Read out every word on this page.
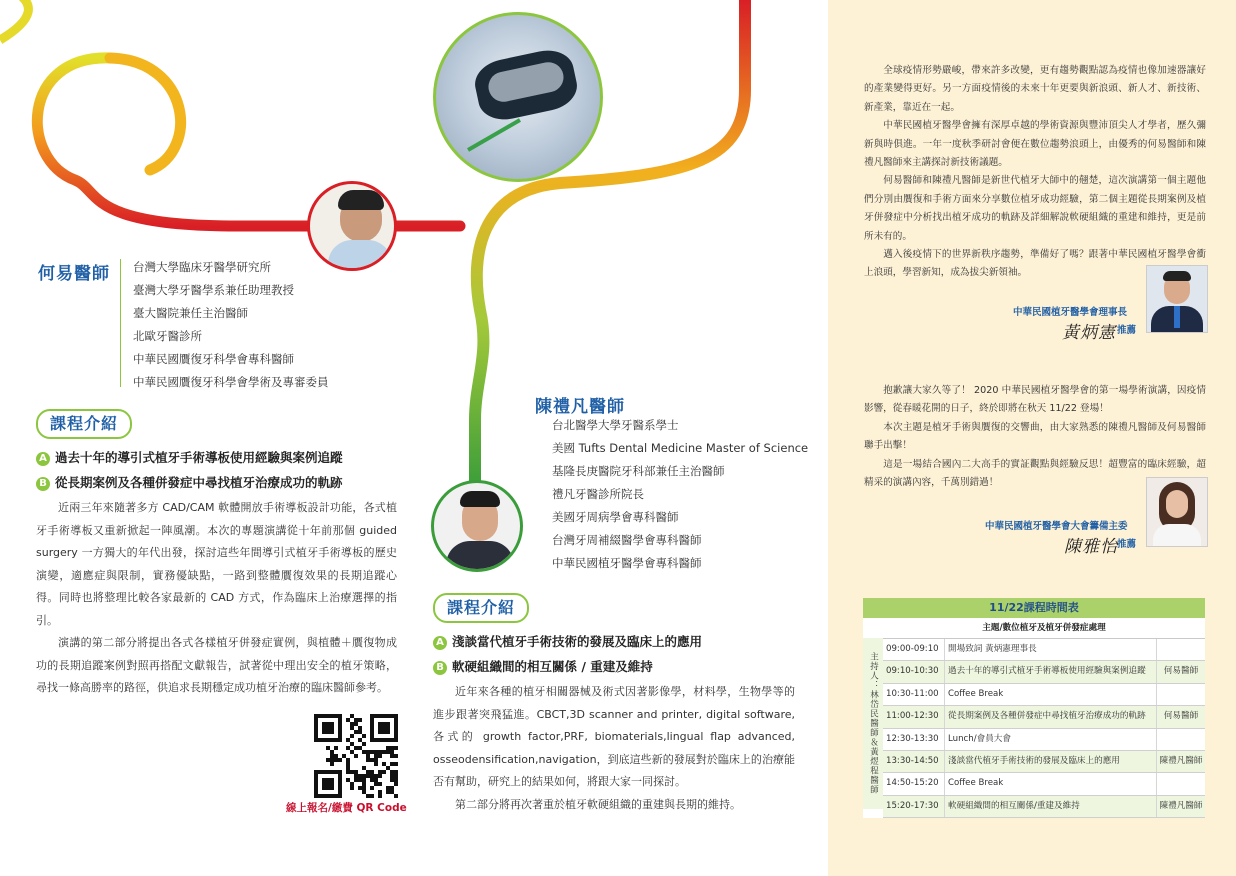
何易醫師 台灣大學臨床牙醫學研究所
臺灣大學牙醫學系兼任助理教授
臺大醫院兼任主治醫師
北歐牙醫診所
中華民國贋復牙科學會專科醫師
中華民國贋復牙科學會學術及專審委員
課程介紹
A 過去十年的導引式植牙手術導板使用經驗與案例追蹤
B 從長期案例及各種併發症中尋找植牙治療成功的軌跡

近兩三年來隨著多方 CAD/CAM 軟體開放手術導板設計功能，各式植牙手術導板又重新掀起一陣風潮。本次的專題演講從十年前那個 guided surgery 一方獨大的年代出發，探討這些年間導引式植牙手術導板的歷史演變，適應症與限制，實務優缺點，一路到整體贋復效果的長期追蹤心得。同時也將整理比較各家最新的 CAD 方式，作為臨床上治療選擇的指引。

演講的第二部分將提出各式各樣植牙併發症實例，與植體＋贋復物成功的長期追蹤案例對照再搭配文獻報告，試著從中理出安全的植牙策略，尋找一條高勝率的路徑，供追求長期穩定成功植牙治療的臨床醫師參考。

線上報名/繳費 QR Code
陳禮凡醫師
台北醫學大學牙醫系學士
美國 Tufts Dental Medicine Master of Science
基隆長庚醫院牙科部兼任主治醫師
禮凡牙醫診所院長
美國牙周病學會專科醫師
台灣牙周補綴醫學會專科醫師
中華民國植牙醫學會專科醫師
課程介紹
A 淺談當代植牙手術技術的發展及臨床上的應用
B 軟硬組織間的相互關係 / 重建及維持

近年來各種的植牙相關器械及術式因著影像學，材料學，生物學等的進步跟著突飛猛進。CBCT,3D scanner and printer, digital software, 各式的 growth factor,PRF, biomaterials,lingual flap advanced, osseodensification,navigation，到底這些新的發展對於臨床上的治療能否有幫助，研究上的結果如何，將跟大家一同探討。

第二部分將再次著重於植牙軟硬組織的重建與長期的維持。

全球疫情形勢嚴峻，帶來許多改變，更有趨勢觀點認為疫情也像加速器讓好的產業變得更好。另一方面疫情後的未來十年更要與新浪頭、新人才、新技術、新產業，靠近在一起。

中華民國植牙醫學會擁有深厚卓越的學術資源與豐沛頂尖人才學者，歷久彌新與時俱進。一年一度秋季研討會便在數位趨勢浪頭上，由優秀的何易醫師和陳禮凡醫師來主講探討新技術議題。

何易醫師和陳禮凡醫師是新世代植牙大師中的翹楚，這次演講第一個主題他們分別由贋復和手術方面來分享數位植牙成功經驗，第二個主題從長期案例及植牙併發症中分析找出植牙成功的軌跡及詳細解說軟硬組織的重建和維持，更是前所未有的。

邁入後疫情下的世界新秩序趨勢，準備好了嗎？跟著中華民國植牙醫學會衝上浪頭，學習新知，成為拔尖新領袖。

中華民國植牙醫學會理事長
黃炳憲 推薦

抱歉讓大家久等了！ 2020 中華民國植牙醫學會的第一場學術演講，因疫情影響，從春暖花開的日子，終於即將在秋天 11/22 登場！

本次主題是植牙手術與贋復的交響曲，由大家熟悉的陳禮凡醫師及何易醫師聯手出擊！

這是一場結合國內二大高手的實証觀點與經驗反思！超豐富的臨床經驗，超精采的演講內容，千萬別錯過！

中華民國植牙醫學會大會籌備主委
陳雅怡 推薦
11/22課程時間表
主題/數位植牙及植牙併發症處理
主持人：林岱民醫師＆黃煜程醫師
09:00-09:10	開場致詞 黃炳憲理事長
09:10-10:30	過去十年的導引式植牙手術導板使用經驗與案例追蹤	何易醫師
10:30-11:00	Coffee Break
11:00-12:30	從長期案例及各種併發症中尋找植牙治療成功的軌跡	何易醫師
12:30-13:30	Lunch/會員大會
13:30-14:50	淺談當代植牙手術技術的發展及臨床上的應用	陳禮凡醫師
14:50-15:20	Coffee Break
15:20-17:30	軟硬組織間的相互關係/重建及維持	陳禮凡醫師
